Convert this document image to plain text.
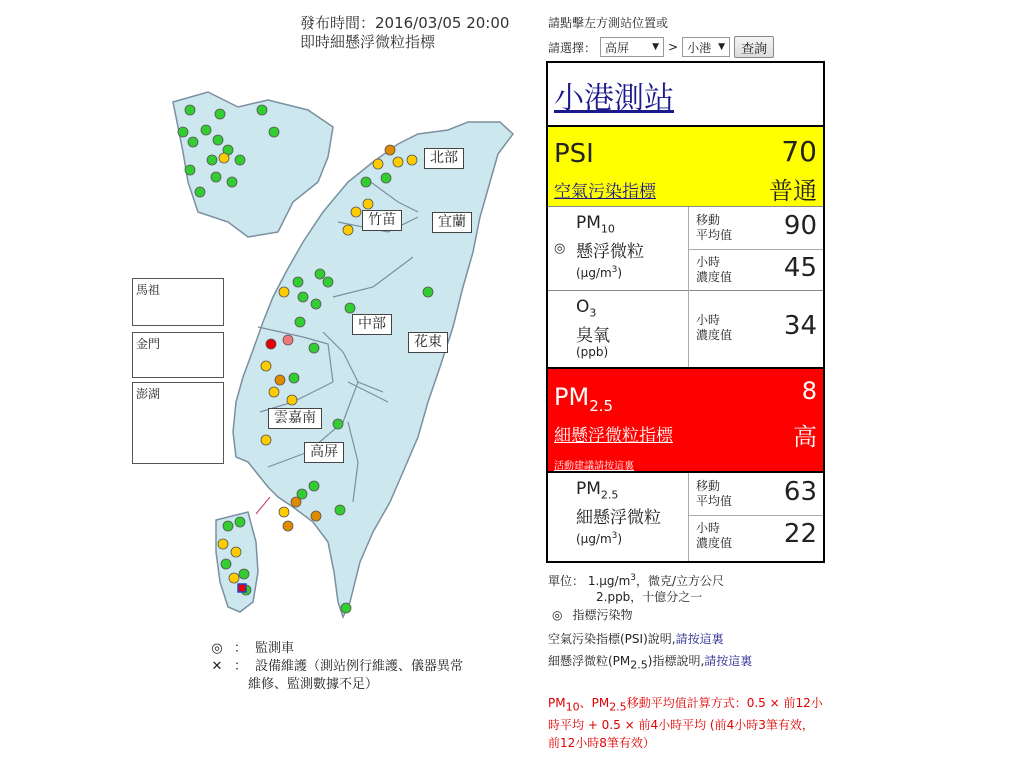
發布時間：2016/03/05 20:00
即時細懸浮微粒指標
馬祖
金門
澎湖
北部
竹苗	宜蘭
中部
花東
雲嘉南
高屏
◎ ： 監測車
✕ ： 設備維護（測站例行維護、儀器異常
維修、監測數據不足）
請點擊左方測站位置或
請選擇： 高屏	▼ > 小港 ▼	查詢
小港測站
PSI	70
空氣污染指標	普通
◎
$PM_{10}$
懸浮微粒
$(\mu g/m^3)$
移動
平均值 90
小時
濃度值 45
$O_3$
臭氧
(ppb)
小時
濃度值 34
$PM_{2.5}$
8
細懸浮微粒指標	高
活動建議請按這裏
$PM_{2.5}$
細懸浮微粒
$(\mu g/m^3)$
移動
平均值 63
小時
濃度值 22
單位： $1.\mu g/m^3$，微克/立方公尺
2.ppb，十億分之一
◎ 指標污染物
空氣污染指標(PSI)說明,請按這裏
細懸浮微粒(PM2.5)指標說明,請按這裏
PM10、PM2.5移動平均值計算方式：0.5 × 前12小時平均 + 0.5 × 前4小時平均 (前4小時3筆有效，前12小時8筆有效）
